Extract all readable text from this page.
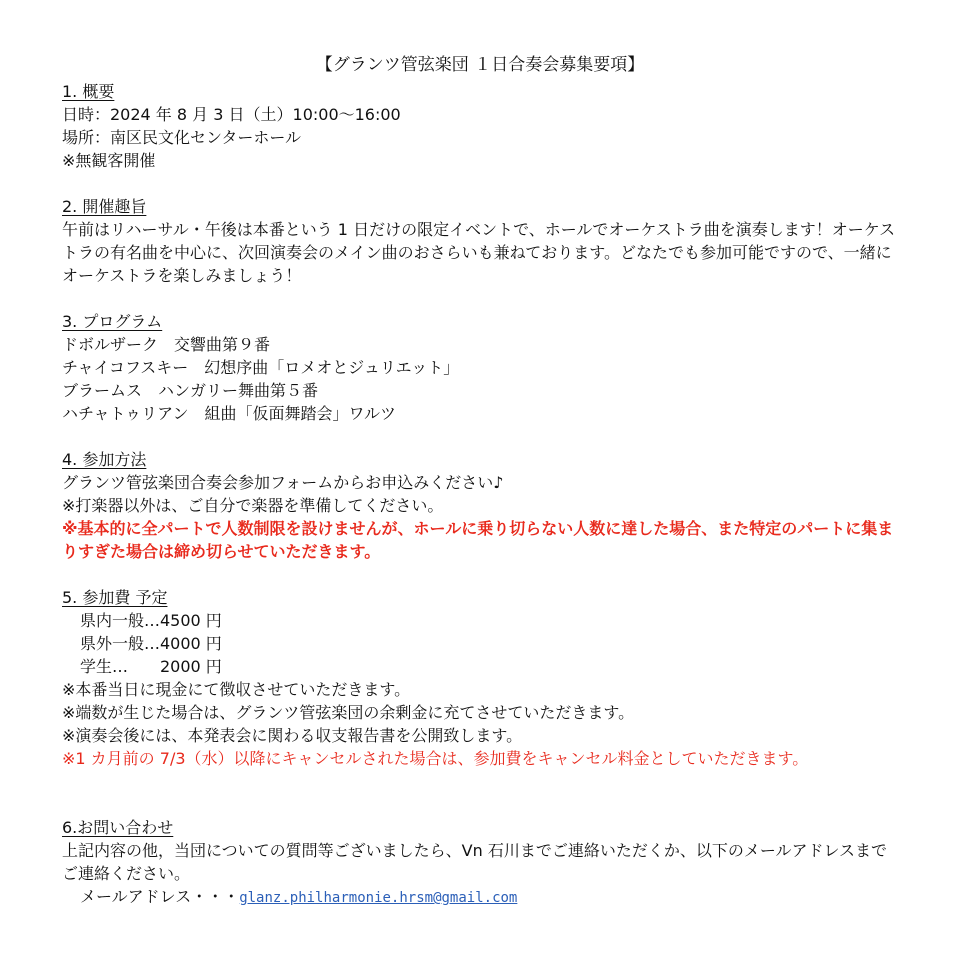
【グランツ管弦楽団 １日合奏会募集要項】
1. 概要
日時：2024 年 8 月 3 日（土）10:00～16:00
場所：南区民文化センターホール
※無観客開催
2. 開催趣旨
午前はリハーサル・午後は本番という 1 日だけの限定イベントで、ホールでオーケストラ曲を演奏します！オーケストラの有名曲を中心に、次回演奏会のメイン曲のおさらいも兼ねております。どなたでも参加可能ですので、一緒にオーケストラを楽しみましょう！
3. プログラム
ドボルザーク　交響曲第９番
チャイコフスキー　幻想序曲「ロメオとジュリエット」
ブラームス　ハンガリー舞曲第５番
ハチャトゥリアン　組曲「仮面舞踏会」ワルツ
4. 参加方法
グランツ管弦楽団合奏会参加フォームからお申込みください♪
※打楽器以外は、ご自分で楽器を準備してください。
※基本的に全パートで人数制限を設けませんが、ホールに乗り切らない人数に達した場合、また特定のパートに集まりすぎた場合は締め切らせていただきます。
5. 参加費 予定
県内一般…4500 円
県外一般…4000 円
学生…　　2000 円
※本番当日に現金にて徴収させていただきます。
※端数が生じた場合は、グランツ管弦楽団の余剰金に充てさせていただきます。
※演奏会後には、本発表会に関わる収支報告書を公開致します。
※1 カ月前の 7/3（水）以降にキャンセルされた場合は、参加費をキャンセル料金としていただきます。
6.お問い合わせ
上記内容の他，当団についての質問等ございましたら、Vn 石川までご連絡いただくか、以下のメールアドレスまでご連絡ください。
メールアドレス・・・glanz.philharmonie.hrsm@gmail.com
